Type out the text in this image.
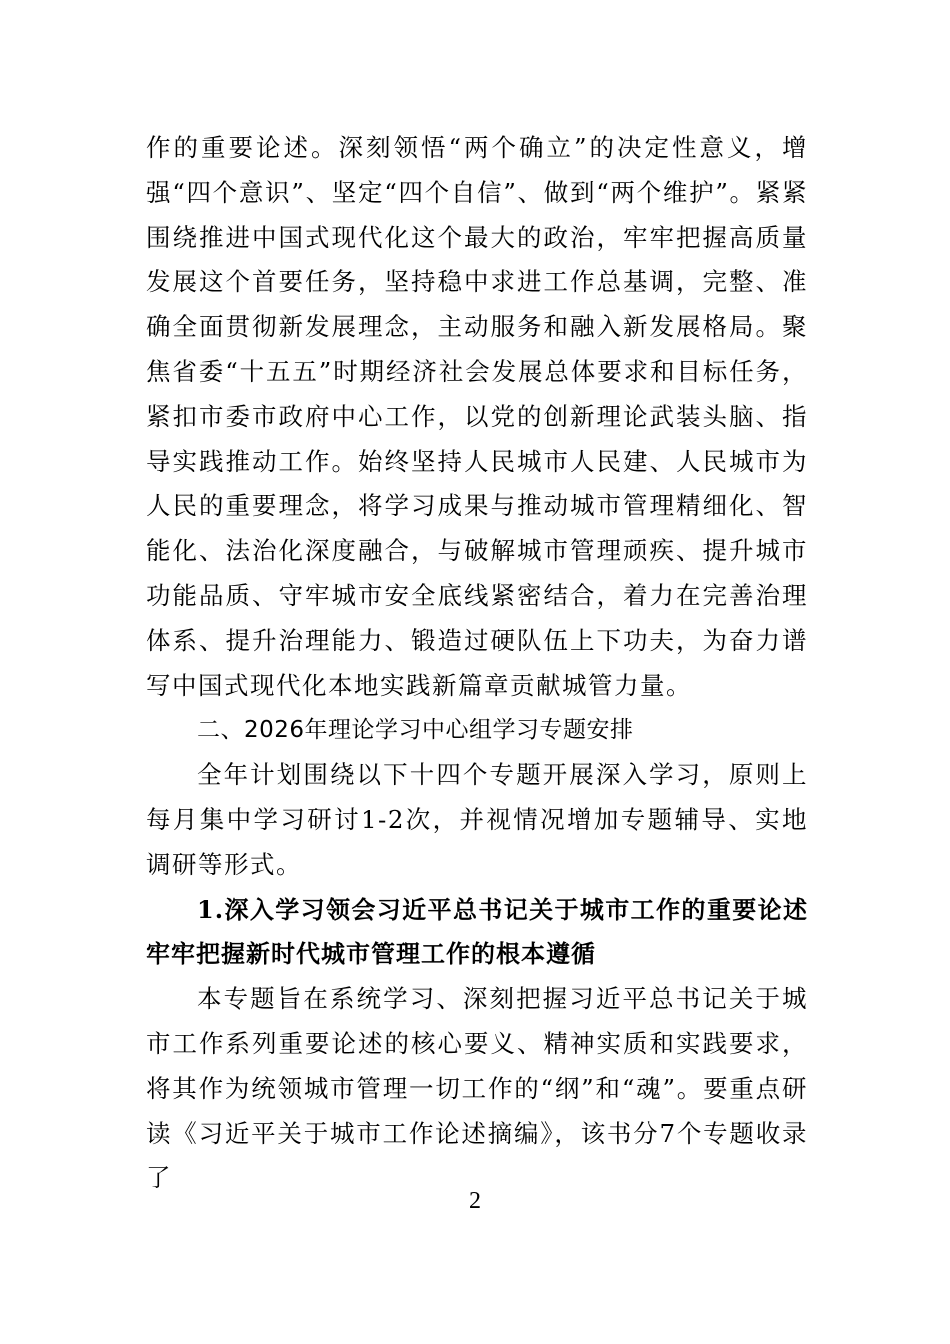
作的重要论述。深刻领悟“两个确立”的决定性意义，增强“四个意识”、坚定“四个自信”、做到“两个维护”。紧紧围绕推进中国式现代化这个最大的政治，牢牢把握高质量发展这个首要任务，坚持稳中求进工作总基调，完整、准确全面贯彻新发展理念，主动服务和融入新发展格局。聚焦省委“十五五”时期经济社会发展总体要求和目标任务，紧扣市委市政府中心工作，以党的创新理论武装头脑、指导实践推动工作。始终坚持人民城市人民建、人民城市为人民的重要理念，将学习成果与推动城市管理精细化、智能化、法治化深度融合，与破解城市管理顽疾、提升城市功能品质、守牢城市安全底线紧密结合，着力在完善治理体系、提升治理能力、锻造过硬队伍上下功夫，为奋力谱写中国式现代化本地实践新篇章贡献城管力量。

二、2026年理论学习中心组学习专题安排

全年计划围绕以下十四个专题开展深入学习，原则上每月集中学习研讨1-2次，并视情况增加专题辅导、实地调研等形式。

1.深入学习领会习近平总书记关于城市工作的重要论述 牢牢把握新时代城市管理工作的根本遵循

本专题旨在系统学习、深刻把握习近平总书记关于城市工作系列重要论述的核心要义、精神实质和实践要求，将其作为统领城市管理一切工作的“纲”和“魂”。要重点研读《习近平关于城市工作论述摘编》，该书分7个专题收录了

2
